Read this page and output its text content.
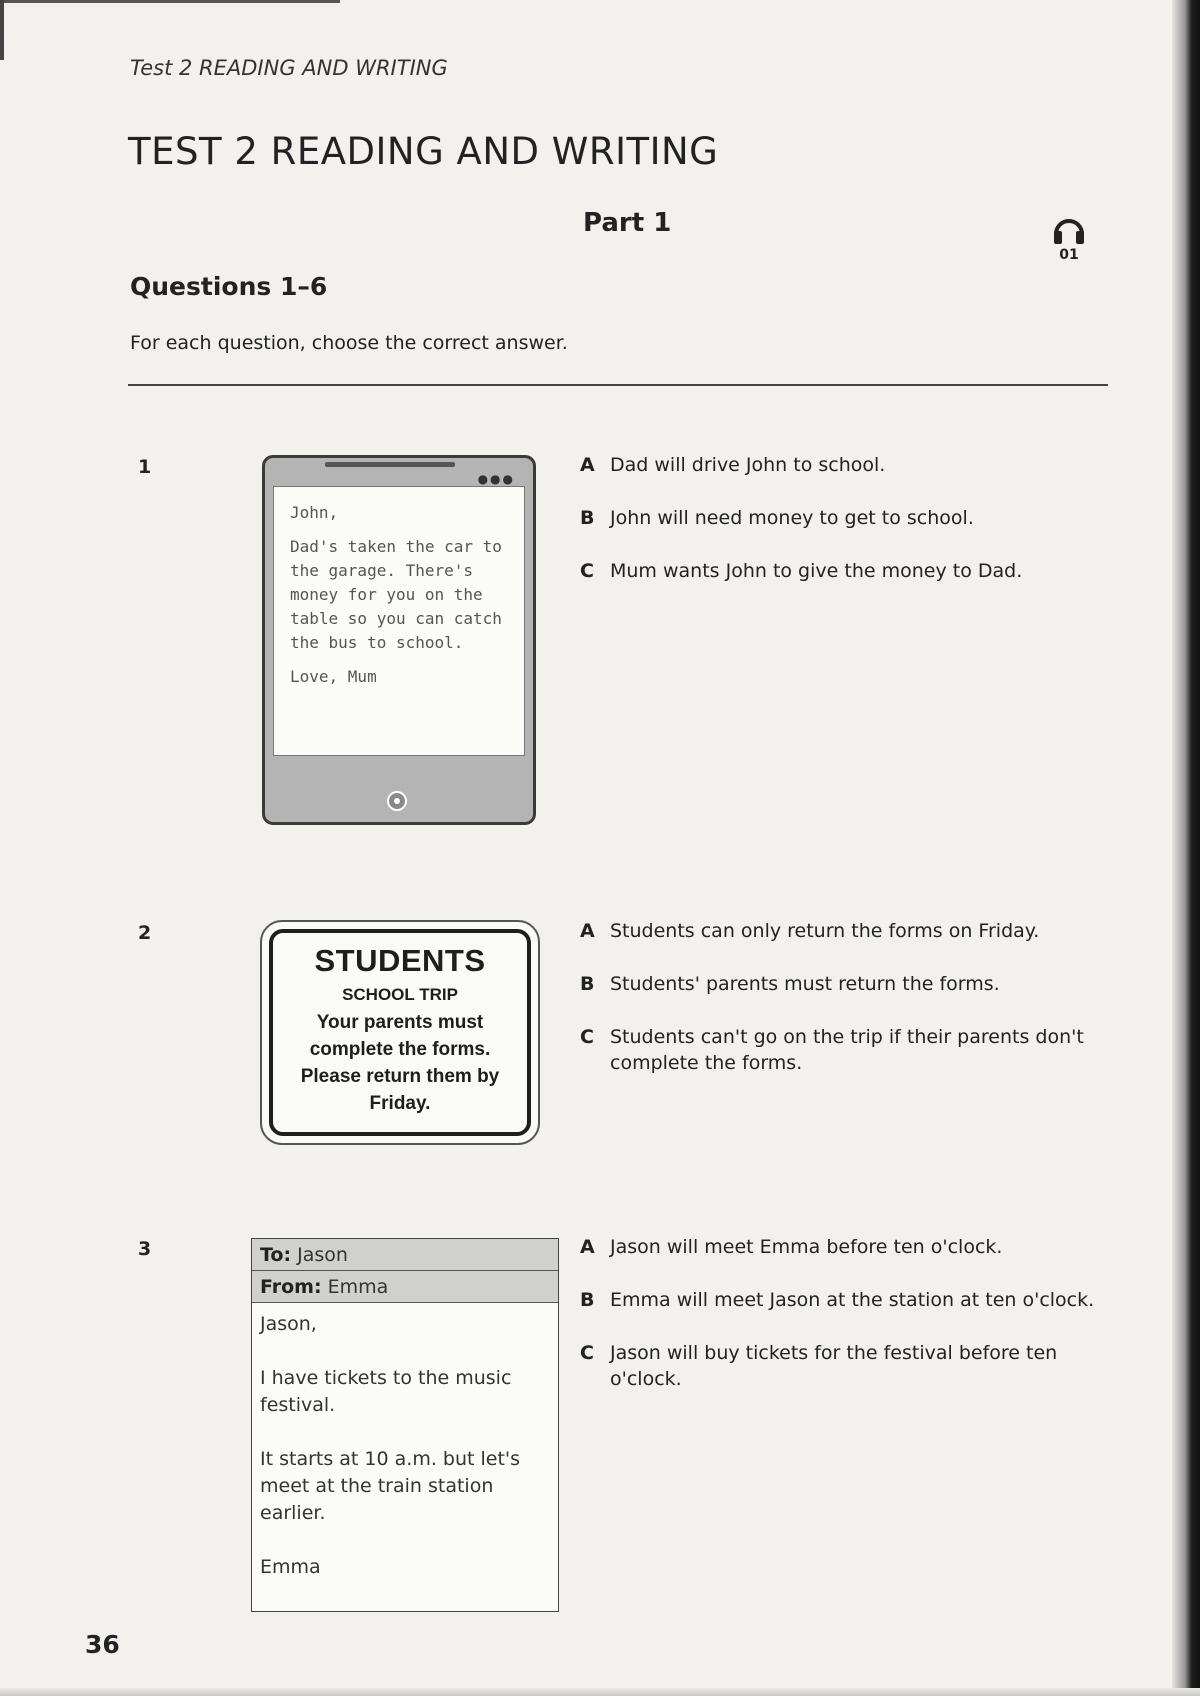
Test 2 READING AND WRITING
TEST 2 READING AND WRITING
Part 1
01
Questions 1–6
For each question, choose the correct answer.
1
●●●

John,

Dad's taken the car to the garage. There's money for you on the table so you can catch the bus to school.

Love, Mum

A Dad will drive John to school.
B John will need money to get to school.
C Mum wants John to give the money to Dad.
2
STUDENTS
SCHOOL TRIP
Your parents must complete the forms. Please return them by Friday.
A Students can only return the forms on Friday.
B Students' parents must return the forms.
C Students can't go on the trip if their parents don't complete the forms.
3	To: Jason
From: Emma

Jason,

I have tickets to the music festival.

It starts at 10 a.m. but let's meet at the train station earlier.

Emma

A Jason will meet Emma before ten o'clock.
B Emma will meet Jason at the station at ten o'clock.
C Jason will buy tickets for the festival before ten o'clock.
36
